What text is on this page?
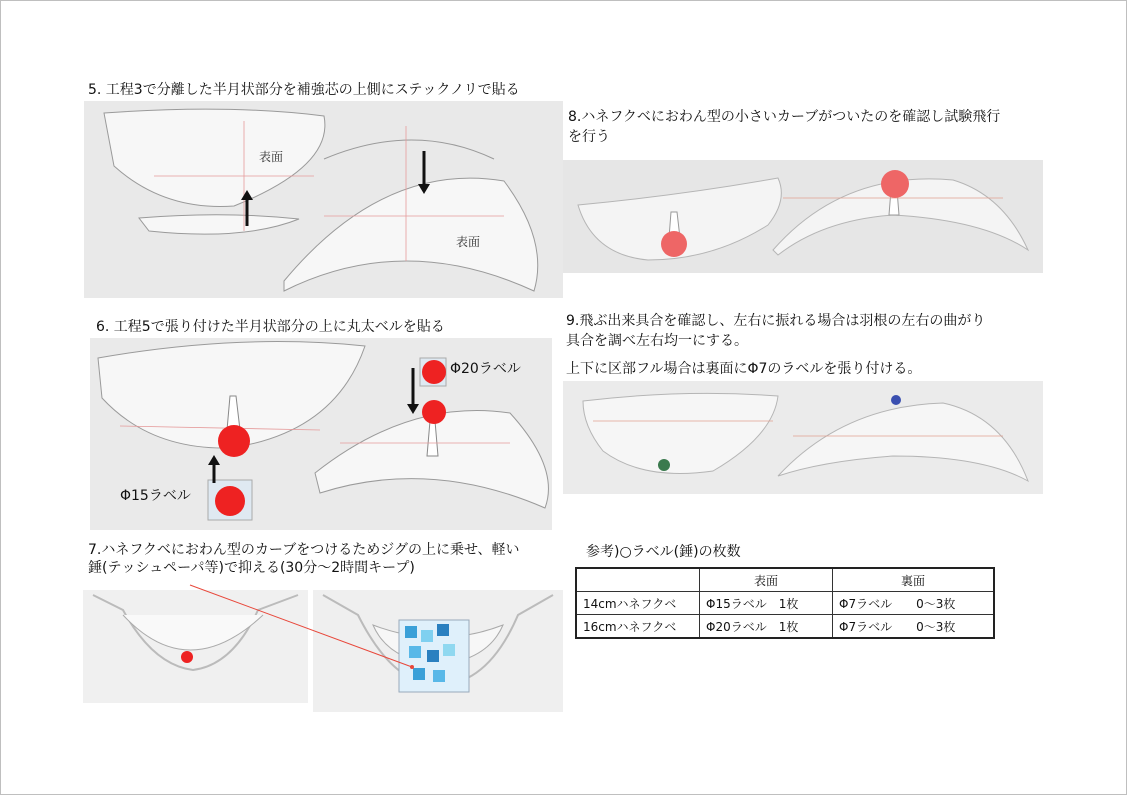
5. 工程3で分離した半月状部分を補強芯の上側にステックノリで貼る
表面
表面
6. 工程5で張り付けた半月状部分の上に丸太ベルを貼る
Φ20ラベル
Φ15ラベル
7.ハネフクベにおわん型のカーブをつけるためジグの上に乗せ、軽い
錘(テッシュペーパ等)で抑える(30分～2時間キープ)
8.ハネフクベにおわん型の小さいカーブがついたのを確認し試験飛行
を行う
9.飛ぶ出来具合を確認し、左右に振れる場合は羽根の左右の曲がり
具合を調べ左右均一にする。
上下に区部フル場合は裏面にΦ7のラベルを張り付ける。
参考)○ラベル(錘)の枚数
	表面	裏面
14cmハネフクベ	Φ15ラベル　1枚	Φ7ラベル　　0～3枚
16cmハネフクベ	Φ20ラベル　1枚	Φ7ラベル　　0～3枚
